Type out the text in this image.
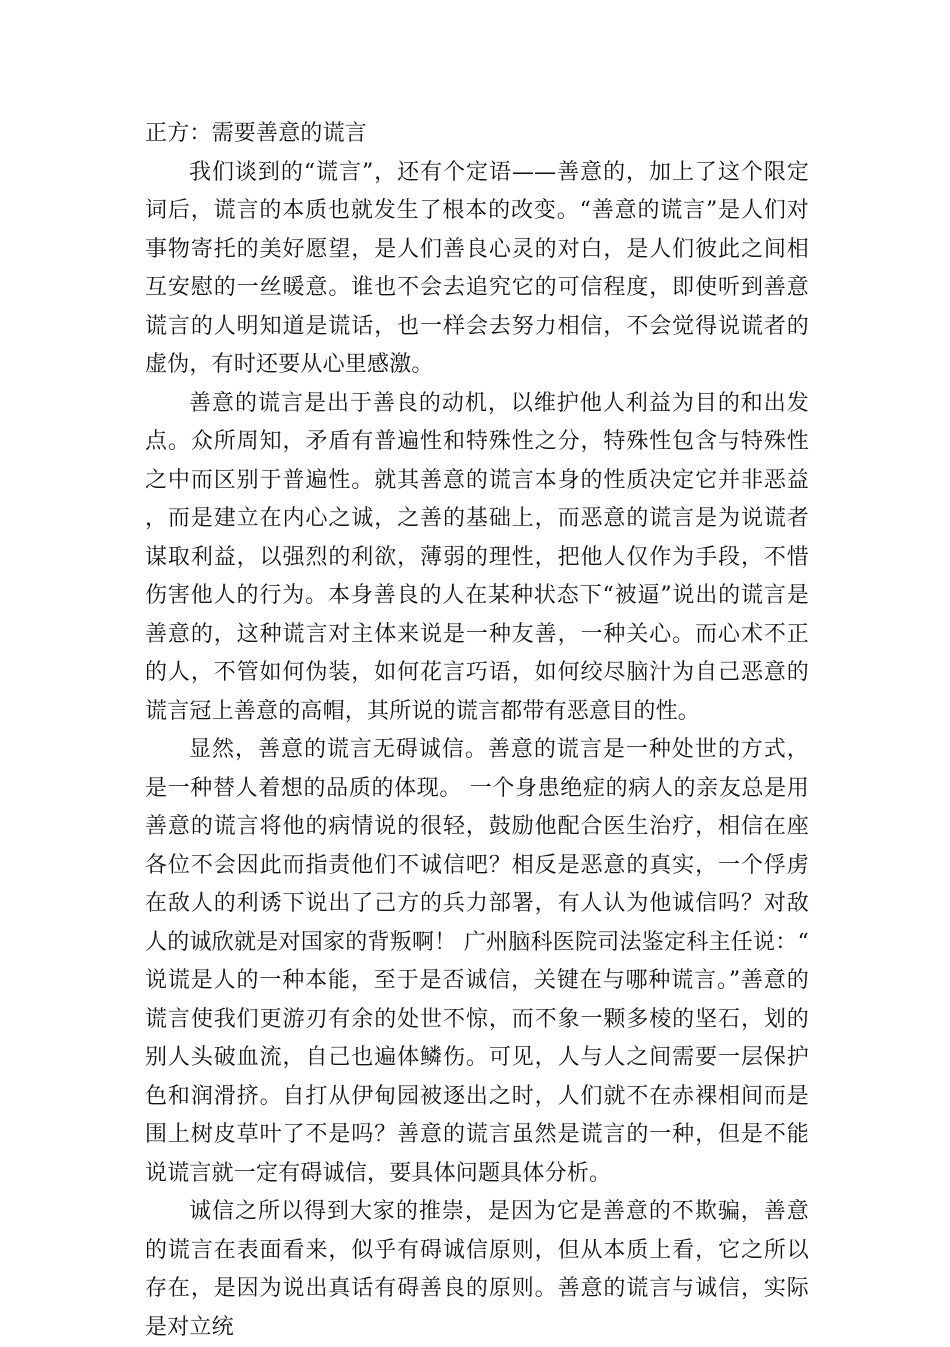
正方：需要善意的谎言

我们谈到的“谎言”，还有个定语——善意的，加上了这个限定词后，谎言的本质也就发生了根本的改变。“善意的谎言”是人们对事物寄托的美好愿望，是人们善良心灵的对白，是人们彼此之间相互安慰的一丝暖意。谁也不会去追究它的可信程度，即使听到善意谎言的人明知道是谎话，也一样会去努力相信，不会觉得说谎者的虚伪，有时还要从心里感激。

善意的谎言是出于善良的动机，以维护他人利益为目的和出发点。众所周知，矛盾有普遍性和特殊性之分，特殊性包含与特殊性之中而区别于普遍性。就其善意的谎言本身的性质决定它并非恶益，而是建立在内心之诚，之善的基础上，而恶意的谎言是为说谎者谋取利益，以强烈的利欲，薄弱的理性，把他人仅作为手段，不惜伤害他人的行为。本身善良的人在某种状态下“被逼”说出的谎言是善意的，这种谎言对主体来说是一种友善，一种关心。而心术不正的人，不管如何伪装，如何花言巧语，如何绞尽脑汁为自己恶意的谎言冠上善意的高帽，其所说的谎言都带有恶意目的性。

显然，善意的谎言无碍诚信。善意的谎言是一种处世的方式，是一种替人着想的品质的体现。 一个身患绝症的病人的亲友总是用善意的谎言将他的病情说的很轻，鼓励他配合医生治疗，相信在座各位不会因此而指责他们不诚信吧？相反是恶意的真实，一个俘虏在敌人的利诱下说出了己方的兵力部署，有人认为他诚信吗？对敌人的诚欣就是对国家的背叛啊！ 广州脑科医院司法鉴定科主任说：“说谎是人的一种本能，至于是否诚信，关键在与哪种谎言。”善意的谎言使我们更游刃有余的处世不惊，而不象一颗多棱的坚石，划的别人头破血流，自己也遍体鳞伤。可见，人与人之间需要一层保护色和润滑挤。自打从伊甸园被逐出之时，人们就不在赤裸相间而是围上树皮草叶了不是吗？善意的谎言虽然是谎言的一种，但是不能说谎言就一定有碍诚信，要具体问题具体分析。

诚信之所以得到大家的推崇，是因为它是善意的不欺骗，善意的谎言在表面看来，似乎有碍诚信原则，但从本质上看，它之所以存在，是因为说出真话有碍善良的原则。善意的谎言与诚信，实际是对立统
